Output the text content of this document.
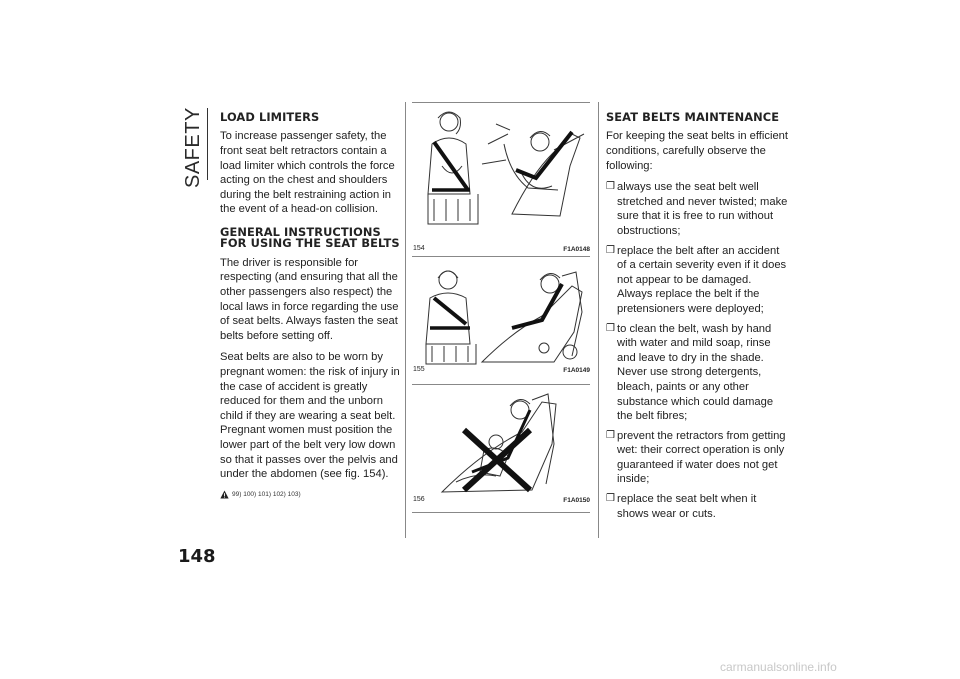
SAFETY LOAD LIMITERS

To increase passenger safety, the front seat belt retractors contain a load limiter which controls the force acting on the chest and shoulders during the belt restraining action in the event of a head-on collision.

GENERAL INSTRUCTIONS FOR USING THE SEAT BELTS

The driver is responsible for respecting (and ensuring that all the other passengers also respect) the local laws in force regarding the use of seat belts. Always fasten the seat belts before setting off.

Seat belts are also to be worn by pregnant women: the risk of injury in the case of accident is greatly reduced for them and the unborn child if they are wearing a seat belt. Pregnant women must position the lower part of the belt very low down so that it passes over the pelvis and under the abdomen (see fig. 154).

99) 100) 101) 102) 103)
154	F1A0148
155	F1A0149
156	F1A0150
SEAT BELTS MAINTENANCE

For keeping the seat belts in efficient conditions, carefully observe the following:

❒ always use the seat belt well stretched and never twisted; make sure that it is free to run without obstructions;
❒ replace the belt after an accident of a certain severity even if it does not appear to be damaged. Always replace the belt if the pretensioners were deployed;
❒ to clean the belt, wash by hand with water and mild soap, rinse and leave to dry in the shade. Never use strong detergents, bleach, paints or any other substance which could damage the belt fibres;
❒ prevent the retractors from getting wet: their correct operation is only guaranteed if water does not get inside;
❒ replace the seat belt when it shows wear or cuts.
148
carmanualsonline.info
